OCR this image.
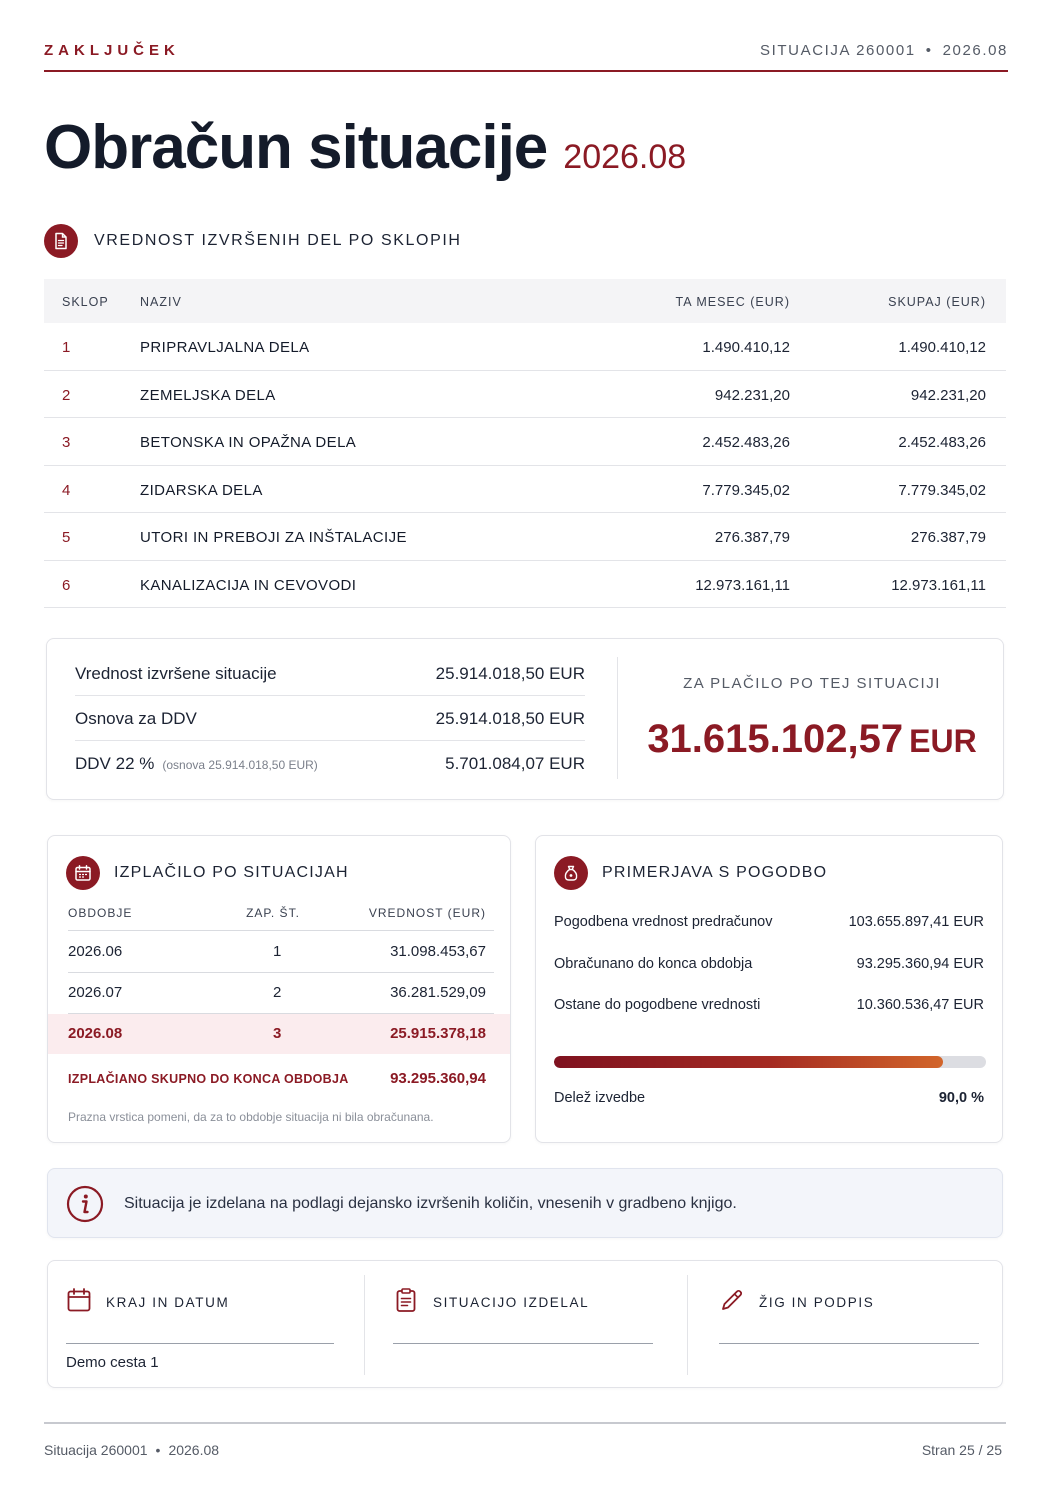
ZAKLJUČEK	SITUACIJA 260001 • 2026.08
Obračun situacije 2026.08
VREDNOST IZVRŠENIH DEL PO SKLOPIH
SKLOP	NAZIV	TA MESEC (EUR)	SKUPAJ (EUR)
1	PRIPRAVLJALNA DELA	1.490.410,12	1.490.410,12
2	ZEMELJSKA DELA	942.231,20	942.231,20
3	BETONSKA IN OPAŽNA DELA	2.452.483,26	2.452.483,26
4	ZIDARSKA DELA	7.779.345,02	7.779.345,02
5	UTORI IN PREBOJI ZA INŠTALACIJE	276.387,79	276.387,79
6	KANALIZACIJA IN CEVOVODI	12.973.161,11	12.973.161,11
Vrednost izvršene situacije	25.914.018,50 EUR
Osnova za DDV	25.914.018,50 EUR
DDV 22 % (osnova 25.914.018,50 EUR)	5.701.084,07 EUR
ZA PLAČILO PO TEJ SITUACIJI
31.615.102,57 EUR
IZPLAČILO PO SITUACIJAH
OBDOBJE	ZAP. ŠT.	VREDNOST (EUR)
2026.06	1	31.098.453,67
2026.07	2	36.281.529,09
2026.08	3	25.915.378,18
IZPLAČIANO SKUPNO DO KONCA OBDOBJA	93.295.360,94
Prazna vrstica pomeni, da za to obdobje situacija ni bila obračunana.
PRIMERJAVA S POGODBO
Pogodbena vrednost predračunov	103.655.897,41 EUR
Obračunano do konca obdobja	93.295.360,94 EUR
Ostane do pogodbene vrednosti	10.360.536,47 EUR
Delež izvedbe	90,0 %
Situacija je izdelana na podlagi dejansko izvršenih količin, vnesenih v gradbeno knjigo.
KRAJ IN DATUM
Demo cesta 1
SITUACIJO IZDELAL	ŽIG IN PODPIS
Situacija 260001 • 2026.08	Stran 25 / 25
